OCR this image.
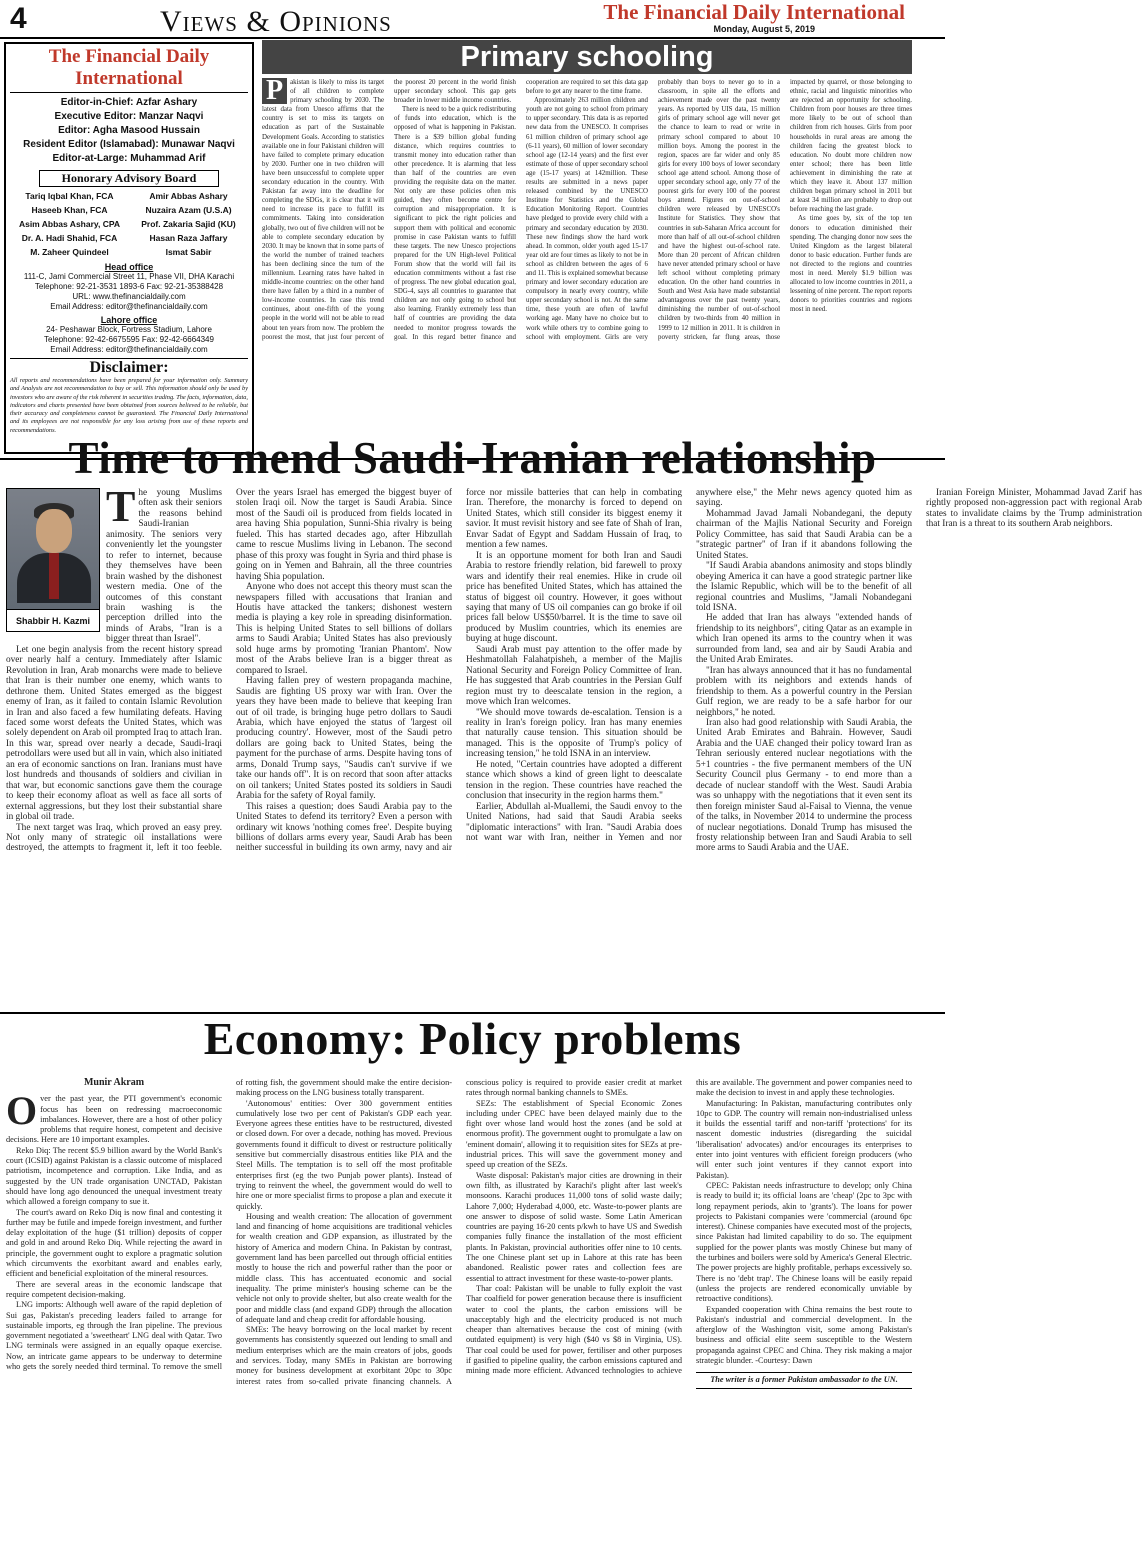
4	Views & Opinions	The Financial Daily International
Monday, August 5, 2019
The Financial Daily International
Editor-in-Chief: Azfar Ashary
Executive Editor: Manzar Naqvi
Editor: Agha Masood Hussain
Resident Editor (Islamabad): Munawar Naqvi
Editor-at-Large: Muhammad Arif
Honorary Advisory Board
Tariq Iqbal Khan, FCA	Amir Abbas Ashary
Haseeb Khan, FCA	Nuzaira Azam (U.S.A)
Asim Abbas Ashary, CPA	Prof. Zakaria Sajid (KU)
Dr. A. Hadi Shahid, FCA	Hasan Raza Jaffary
M. Zaheer Quindeel	Ismat Sabir
Head office
111-C, Jami Commercial Street 11, Phase VII, DHA Karachi
Telephone: 92-21-3531 1893-6 Fax: 92-21-35388428
URL: www.thefinancialdaily.com
Email Address: editor@thefinancialdaily.com
Lahore office
24- Peshawar Block, Fortress Stadium, Lahore
Telephone: 92-42-6675595 Fax: 92-42-6664349
Email Address: editor@thefinancialdaily.com
Disclaimer:
All reports and recommendations have been prepared for your information only. Summary and Analysis are not recommendation to buy or sell. This information should only be used by investors who are aware of the risk inherent in securities trading. The facts, information, data, indicators and charts presented have been obtained from sources believed to be reliable, but their accuracy and completeness cannot be guaranteed. The Financial Daily International and its employees are not responsible for any loss arising from use of these reports and recommendations.
Primary schooling

P	akistan is likely to miss its target of all children to complete primary schooling by 2030. The latest data from Unesco affirms that the country is set to miss its targets on education as part of the Sustainable Development Goals. According to statistics available one in four Pakistani children will have failed to complete primary education by 2030. Further one in two children will have been unsuccessful to complete upper secondary education in the country. With Pakistan far away into the deadline for completing the SDGs, it is clear that it will need to increase its pace to fulfill its commitments. Taking into consideration globally, two out of five children will not be able to complete secondary education by 2030. It may be known that in some parts of the world the number of trained teachers has been declining since the turn of the millennium. Learning rates have halted in middle-income countries: on the other hand there have fallen by a third in a number of low-income countries. In case this trend continues, about one-fifth of the young people in the world will not be able to read about ten years from now. The problem the poorest the most, that just four percent of the poorest 20 percent in the world finish upper secondary school. This gap gets broader in lower middle income countries.

There is need to be a quick redistributing of funds into education, which is the opposed of what is happening in Pakistan. There is a $39 billion global funding distance, which requires countries to transmit money into education rather than other precedence. It is alarming that less than half of the countries are even providing the requisite data on the matter. Not only are these policies often mis guided, they often become centre for corruption and misappropriation. It is significant to pick the right policies and support them with political and economic promise in case Pakistan wants to fulfill these targets. The new Unesco projections prepared for the UN High-level Political Forum show that the world will fail its education commitments without a fast rise of progress. The new global education goal, SDG-4, says all countries to guarantee that children are not only going to school but also learning. Frankly extremely less than half of countries are providing the data needed to monitor progress towards the goal. In this regard better finance and cooperation are required to set this data gap before to get any nearer to the time frame.

Approximately 263 million children and youth are not going to school from primary to upper secondary. This data is as reported new data from the UNESCO. It comprises 61 million children of primary school age (6-11 years), 60 million of lower secondary school age (12-14 years) and the first ever estimate of those of upper secondary school age (15-17 years) at 142million. These results are submitted in a news paper released combined by the UNESCO Institute for Statistics and the Global Education Monitoring Report. Countries have pledged to provide every child with a primary and secondary education by 2030. These new findings show the hard work ahead. In common, older youth aged 15-17 year old are four times as likely to not be in school as children between the ages of 6 and 11. This is explained somewhat because primary and lower secondary education are compulsory in nearly every country, while upper secondary school is not. At the same time, these youth are often of lawful working age. Many have no choice but to work while others try to combine going to school with employment. Girls are very probably than boys to never go to in a classroom, in spite all the efforts and achievement made over the past twenty years. As reported by UIS data, 15 million girls of primary school age will never get the chance to learn to read or write in primary school compared to about 10 million boys. Among the poorest in the region, spaces are far wider and only 85 girls for every 100 boys of lower secondary school age attend school. Among those of upper secondary school age, only 77 of the poorest girls for every 100 of the poorest boys attend. Figures on out-of-school children were released by UNESCO's Institute for Statistics. They show that countries in sub-Saharan Africa account for more than half of all out-of-school children and have the highest out-of-school rate. More than 20 percent of African children have never attended primary school or have left school without completing primary education. On the other hand countries in South and West Asia have made substantial advantageous over the past twenty years, diminishing the number of out-of-school children by two-thirds from 40 million in 1999 to 12 million in 2011. It is children in poverty stricken, far flung areas, those impacted by quarrel, or those belonging to ethnic, racial and linguistic minorities who are rejected an opportunity for schooling. Children from poor houses are three times more likely to be out of school than children from rich houses. Girls from poor households in rural areas are among the children facing the greatest block to education. No doubt more children now enter school; there has been little achievement in diminishing the rate at which they leave it. About 137 million children began primary school in 2011 but at least 34 million are probably to drop out before reaching the last grade.

As time goes by, six of the top ten donors to education diminished their spending. The changing donor now sees the United Kingdom as the largest bilateral donor to basic education. Further funds are not directed to the regions and countries most in need. Merely $1.9 billion was allocated to low income countries in 2011, a lessening of nine percent. The report reports donors to priorities countries and regions most in need.

Time to mend Saudi-Iranian relationship
Shabbir H. Kazmi

The young Muslims often ask their seniors the reasons behind Saudi-Iranian animosity. The seniors very conveniently let the youngster to refer to internet, because they themselves have been brain washed by the dishonest western media. One of the outcomes of this constant brain washing is the perception drilled into the minds of Arabs, "Iran is a bigger threat than Israel".

Let one begin analysis from the recent history spread over nearly half a century. Immediately after Islamic Revolution in Iran, Arab monarchs were made to believe that Iran is their number one enemy, which wants to dethrone them. United States emerged as the biggest enemy of Iran, as it failed to contain Islamic Revolution in Iran and also faced a few humilating defeats. Having faced some worst defeats the United States, which was solely dependent on Arab oil prompted Iraq to attach Iran. In this war, spread over nearly a decade, Saudi-Iraqi petrodollars were used but all in vain, which also initiated an era of economic sanctions on Iran. Iranians must have lost hundreds and thousands of soldiers and civilian in that war, but economic sanctions gave them the courage to keep their economy afloat as well as face all sorts of external aggressions, but they lost their substantial share in global oil trade.

The next target was Iraq, which proved an easy prey. Not only many of strategic oil installations were destroyed, the attempts to fragment it, left it too feeble. Over the years Israel has emerged the biggest buyer of stolen Iraqi oil. Now the target is Saudi Arabia. Since most of the Saudi oil is produced from fields located in area having Shia population, Sunni-Shia rivalry is being fueled. This has started decades ago, after Hibzullah came to rescue Muslims living in Lebanon. The second phase of this proxy was fought in Syria and third phase is going on in Yemen and Bahrain, all the three countries having Shia population.

Anyone who does not accept this theory must scan the newspapers filled with accusations that Iranian and Houtis have attacked the tankers; dishonest western media is playing a key role in spreading disinformation. This is helping United States to sell billions of dollars arms to Saudi Arabia; United States has also previously sold huge arms by promoting 'Iranian Phantom'. Now most of the Arabs believe Iran is a bigger threat as compared to Israel.

Having fallen prey of western propaganda machine, Saudis are fighting US proxy war with Iran. Over the years they have been made to believe that keeping Iran out of oil trade, is bringing huge petro dollars to Saudi Arabia, which have enjoyed the status of 'largest oil producing country'. However, most of the Saudi petro dollars are going back to United States, being the payment for the purchase of arms. Despite having tons of arms, Donald Trump says, "Saudis can't survive if we take our hands off". It is on record that soon after attacks on oil tankers; United States posted its soldiers in Saudi Arabia for the safety of Royal family.

This raises a question; does Saudi Arabia pay to the United States to defend its territory? Even a person with ordinary wit knows 'nothing comes free'. Despite buying billions of dollars arms every year, Saudi Arab has been neither successful in building its own army, navy and air force nor missile batteries that can help in combating Iran. Therefore, the monarchy is forced to depend on United States, which still consider its biggest enemy it savior. It must revisit history and see fate of Shah of Iran, Envar Sadat of Egypt and Saddam Hussain of Iraq, to mention a few names.

It is an opportune moment for both Iran and Saudi Arabia to restore friendly relation, bid farewell to proxy wars and identify their real enemies. Hike in crude oil price has benefited United States, which has attained the status of biggest oil country. However, it goes without saying that many of US oil companies can go broke if oil prices fall below US$50/barrel. It is the time to save oil produced by Muslim countries, which its enemies are buying at huge discount.

Saudi Arab must pay attention to the offer made by Heshmatollah Falahatpisheh, a member of the Majlis National Security and Foreign Policy Committee of Iran. He has suggested that Arab countries in the Persian Gulf region must try to deescalate tension in the region, a move which Iran welcomes.

"We should move towards de-escalation. Tension is a reality in Iran's foreign policy. Iran has many enemies that naturally cause tension. This situation should be managed. This is the opposite of Trump's policy of increasing tension," he told ISNA in an interview.

He noted, "Certain countries have adopted a different stance which shows a kind of green light to deescalate tension in the region. These countries have reached the conclusion that insecurity in the region harms them."

Earlier, Abdullah al-Muallemi, the Saudi envoy to the United Nations, had said that Saudi Arabia seeks "diplomatic interactions" with Iran. "Saudi Arabia does not want war with Iran, neither in Yemen and nor anywhere else," the Mehr news agency quoted him as saying.

Mohammad Javad Jamali Nobandegani, the deputy chairman of the Majlis National Security and Foreign Policy Committee, has said that Saudi Arabia can be a "strategic partner" of Iran if it abandons following the United States.

"If Saudi Arabia abandons animosity and stops blindly obeying America it can have a good strategic partner like the Islamic Republic, which will be to the benefit of all regional countries and Muslims, "Jamali Nobandegani told ISNA.

He added that Iran has always "extended hands of friendship to its neighbors", citing Qatar as an example in which Iran opened its arms to the country when it was surrounded from land, sea and air by Saudi Arabia and the United Arab Emirates.

"Iran has always announced that it has no fundamental problem with its neighbors and extends hands of friendship to them. As a powerful country in the Persian Gulf region, we are ready to be a safe harbor for our neighbors," he noted.

Iran also had good relationship with Saudi Arabia, the United Arab Emirates and Bahrain. However, Saudi Arabia and the UAE changed their policy toward Iran as Tehran seriously entered nuclear negotiations with the 5+1 countries - the five permanent members of the UN Security Council plus Germany - to end more than a decade of nuclear standoff with the West. Saudi Arabia was so unhappy with the negotiations that it even sent its then foreign minister Saud al-Faisal to Vienna, the venue of the talks, in November 2014 to undermine the process of nuclear negotiations. Donald Trump has misused the frosty relationship between Iran and Saudi Arabia to sell more arms to Saudi Arabia and the UAE.

Iranian Foreign Minister, Mohammad Javad Zarif has rightly proposed non-aggression pact with regional Arab states to invalidate claims by the Trump administration that Iran is a threat to its southern Arab neighbors.

Economy: Policy problems

Munir Akram

Over the past year, the PTI government's economic focus has been on redressing macroeconomic imbalances. However, there are a host of other policy problems that require honest, competent and decisive decisions. Here are 10 important examples.

Reko Diq: The recent $5.9 billion award by the World Bank's court (ICSID) against Pakistan is a classic outcome of misplaced patriotism, incompetence and corruption. Like India, and as suggested by the UN trade organisation UNCTAD, Pakistan should have long ago denounced the unequal investment treaty which allowed a foreign company to sue it.

The court's award on Reko Diq is now final and contesting it further may be futile and impede foreign investment, and further delay exploitation of the huge ($1 trillion) deposits of copper and gold in and around Reko Diq. While rejecting the award in principle, the government ought to explore a pragmatic solution which circumvents the exorbitant award and enables early, efficient and beneficial exploitation of the mineral resources.

There are several areas in the economic landscape that require competent decision-making.

LNG imports: Although well aware of the rapid depletion of Sui gas, Pakistan's preceding leaders failed to arrange for sustainable imports, eg through the Iran pipeline. The previous government negotiated a 'sweetheart' LNG deal with Qatar. Two LNG terminals were assigned in an equally opaque exercise. Now, an intricate game appears to be underway to determine who gets the sorely needed third terminal. To remove the smell of rotting fish, the government should make the entire decision-making process on the LNG business totally transparent.

'Autonomous' entities: Over 300 government entities cumulatively lose two per cent of Pakistan's GDP each year. Everyone agrees these entities have to be restructured, divested or closed down. For over a decade, nothing has moved. Previous governments found it difficult to divest or restructure politically sensitive but commercially disastrous entities like PIA and the Steel Mills. The temptation is to sell off the most profitable enterprises first (eg the two Punjab power plants). Instead of trying to reinvent the wheel, the government would do well to hire one or more specialist firms to propose a plan and execute it quickly.

Housing and wealth creation: The allocation of government land and financing of home acquisitions are traditional vehicles for wealth creation and GDP expansion, as illustrated by the history of America and modern China. In Pakistan by contrast, government land has been parcelled out through official entities mostly to house the rich and powerful rather than the poor or middle class. This has accentuated economic and social inequality. The prime minister's housing scheme can be the vehicle not only to provide shelter, but also create wealth for the poor and middle class (and expand GDP) through the allocation of adequate land and cheap credit for affordable housing.

SMEs: The heavy borrowing on the local market by recent governments has consistently squeezed out lending to small and medium enterprises which are the main creators of jobs, goods and services. Today, many SMEs in Pakistan are borrowing money for business development at exorbitant 20pc to 30pc interest rates from so-called private financing channels. A conscious policy is required to provide easier credit at market rates through normal banking channels to SMEs.

SEZs: The establishment of Special Economic Zones including under CPEC have been delayed mainly due to the fight over whose land would host the zones (and be sold at enormous profit). The government ought to promulgate a law on 'eminent domain', allowing it to requisition sites for SEZs at pre-industrial prices. This will save the government money and speed up creation of the SEZs.

Waste disposal: Pakistan's major cities are drowning in their own filth, as illustrated by Karachi's plight after last week's monsoons. Karachi produces 11,000 tons of solid waste daily; Lahore 7,000; Hyderabad 4,000, etc. Waste-to-power plants are one answer to dispose of solid waste. Some Latin American countries are paying 16-20 cents p/kwh to have US and Swedish companies fully finance the installation of the most efficient plants. In Pakistan, provincial authorities offer nine to 10 cents. The one Chinese plant set up in Lahore at this rate has been abandoned. Realistic power rates and collection fees are essential to attract investment for these waste-to-power plants.

Thar coal: Pakistan will be unable to fully exploit the vast Thar coalfield for power generation because there is insufficient water to cool the plants, the carbon emissions will be unacceptably high and the electricity produced is not much cheaper than alternatives because the cost of mining (with outdated equipment) is very high ($40 vs $8 in Virginia, US). Thar coal could be used for power, fertiliser and other purposes if gasified to pipeline quality, the carbon emissions captured and mining made more efficient. Advanced technologies to achieve this are available. The government and power companies need to make the decision to invest in and apply these technologies.

Manufacturing: In Pakistan, manufacturing contributes only 10pc to GDP. The country will remain non-industrialised unless it builds the essential tariff and non-tariff 'protections' for its nascent domestic industries (disregarding the suicidal 'liberalisation' advocates) and/or encourages its enterprises to enter into joint ventures with efficient foreign producers (who will enter such joint ventures if they cannot export into Pakistan).

CPEC: Pakistan needs infrastructure to develop; only China is ready to build it; its official loans are 'cheap' (2pc to 3pc with long repayment periods, akin to 'grants'). The loans for power projects to Pakistani companies were 'commercial (around 6pc interest). Chinese companies have executed most of the projects, since Pakistan had limited capability to do so. The equipment supplied for the power plants was mostly Chinese but many of the turbines and boilers were sold by America's General Electric. The power projects are highly profitable, perhaps excessively so. There is no 'debt trap'. The Chinese loans will be easily repaid (unless the projects are rendered economically unviable by retroactive conditions).

Expanded cooperation with China remains the best route to Pakistan's industrial and commercial development. In the afterglow of the Washington visit, some among Pakistan's business and official elite seem susceptible to the Western propaganda against CPEC and China. They risk making a major strategic blunder. -Courtesy: Dawn

The writer is a former Pakistan ambassador to the UN.
